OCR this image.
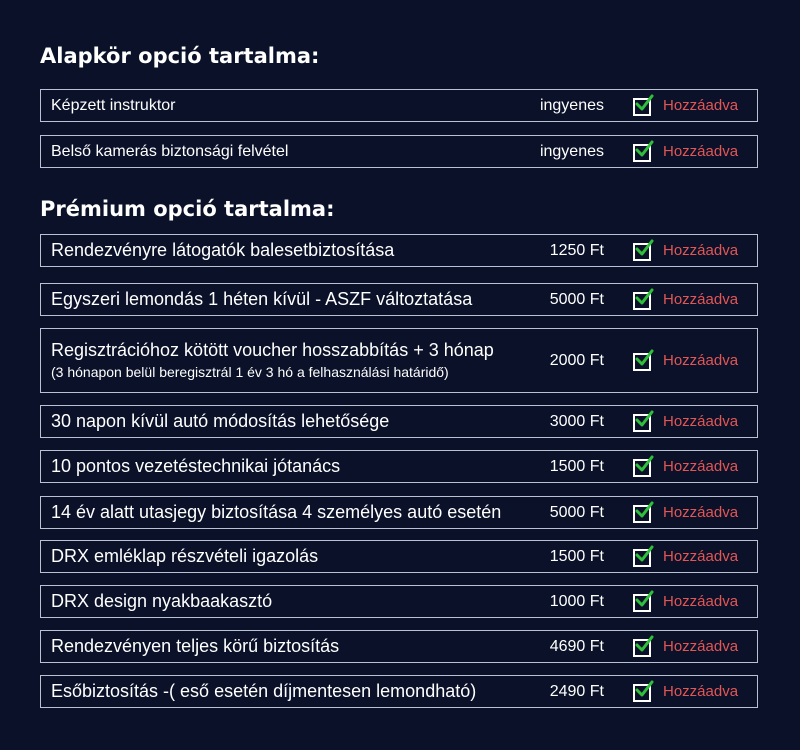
Alapkör opció tartalma:
Képzett instruktor	ingyenes	Hozzáadva
Belső kamerás biztonsági felvétel	ingyenes	Hozzáadva
Prémium opció tartalma:
Rendezvényre látogatók balesetbiztosítása	1250 Ft	Hozzáadva
Egyszeri lemondás 1 héten kívül - ASZF változtatása	5000 Ft	Hozzáadva
Regisztrációhoz kötött voucher hosszabbítás + 3 hónap
(3 hónapon belül beregisztrál 1 év 3 hó a felhasználási határidő)
2000 Ft	Hozzáadva
30 napon kívül autó módosítás lehetősége	3000 Ft	Hozzáadva
10 pontos vezetéstechnikai jótanács	1500 Ft	Hozzáadva
14 év alatt utasjegy biztosítása 4 személyes autó esetén	5000 Ft	Hozzáadva
DRX emléklap részvételi igazolás	1500 Ft	Hozzáadva
DRX design nyakbaakasztó	1000 Ft	Hozzáadva
Rendezvényen teljes körű biztosítás	4690 Ft	Hozzáadva
Esőbiztosítás -( eső esetén díjmentesen lemondható)	2490 Ft	Hozzáadva
